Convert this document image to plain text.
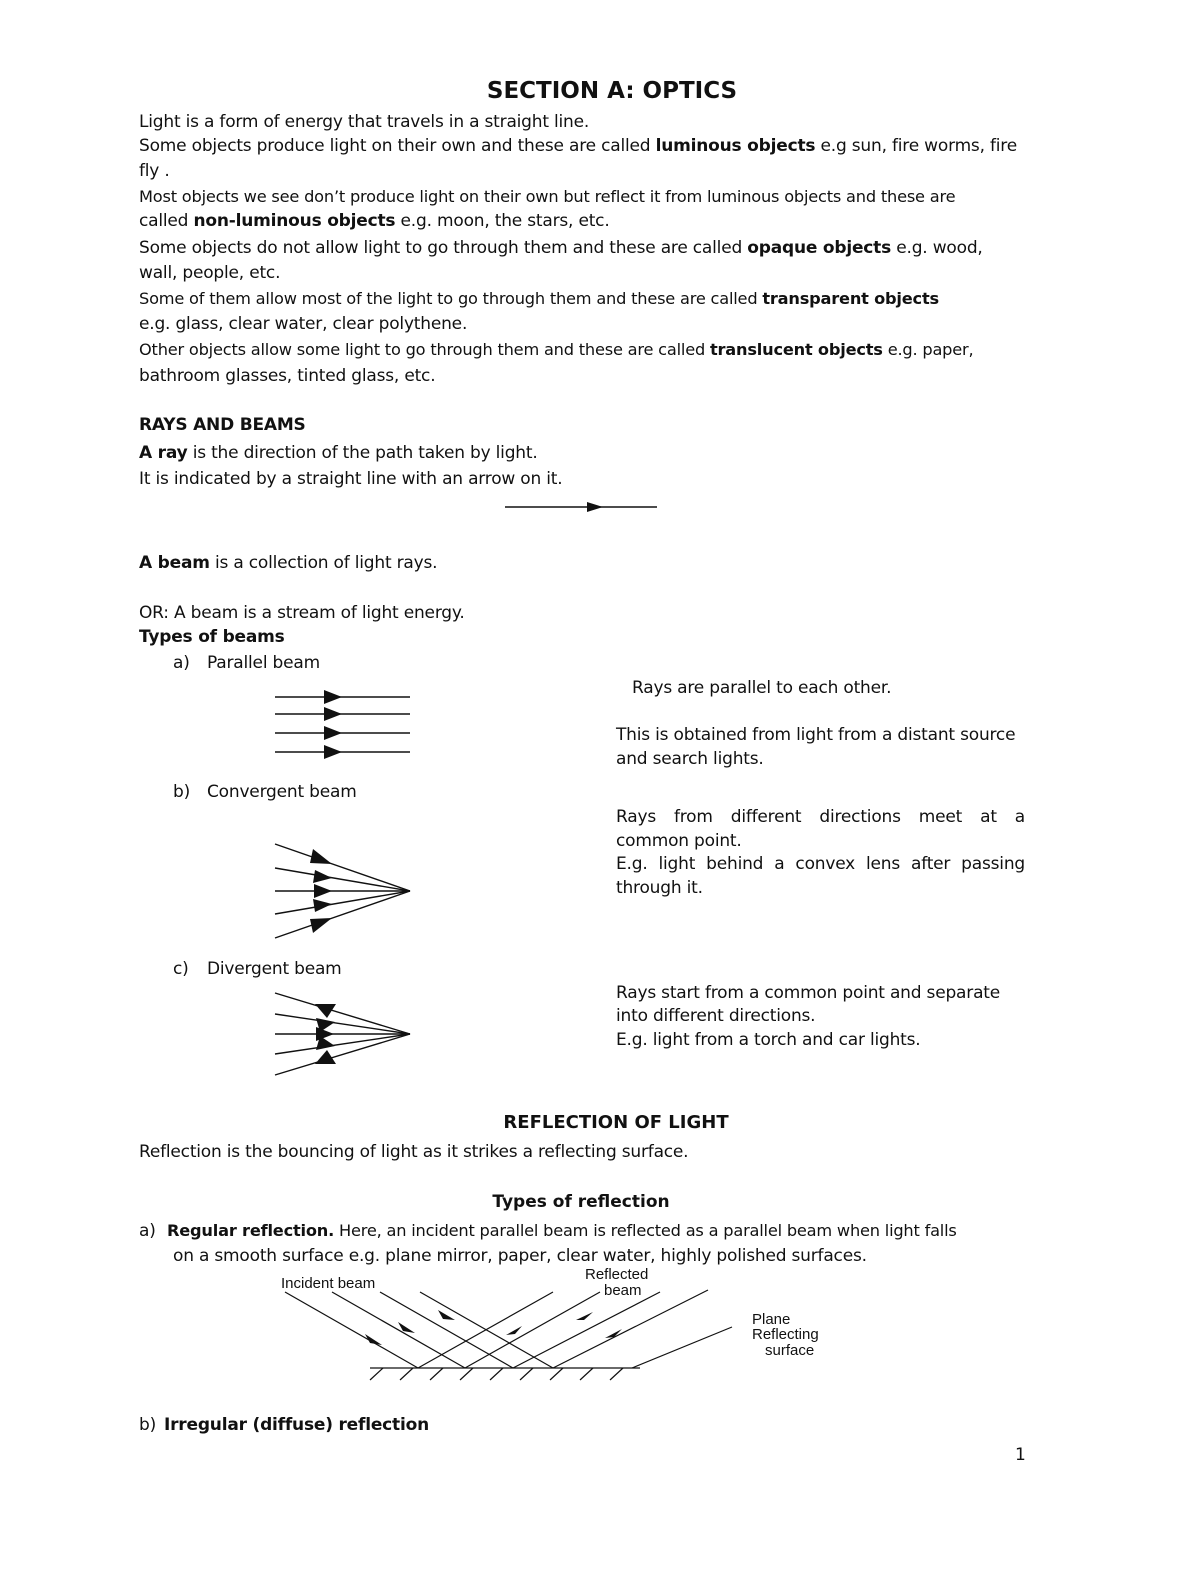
SECTION A: OPTICS
Light is a form of energy that travels in a straight line.
Some objects produce light on their own and these are called luminous objects e.g sun, fire worms, fire
fly .
Most objects we see don’t produce light on their own but reflect it from luminous objects and these are
called non-luminous objects e.g. moon, the stars, etc.
Some objects do not allow light to go through them and these are called opaque objects e.g. wood,
wall, people, etc.
Some of them allow most of the light to go through them and these are called transparent objects
e.g. glass, clear water, clear polythene.
Other objects allow some light to go through them and these are called translucent objects e.g. paper,
bathroom glasses, tinted glass, etc.
RAYS AND BEAMS
A ray is the direction of the path taken by light.
It is indicated by a straight line with an arrow on it.
A beam is a collection of light rays.
OR: A beam is a stream of light energy.
Types of beams
a) Parallel beam
Rays are parallel to each other.
This is obtained from light from a distant source
and search lights.
b) Convergent beam
Rays from different directions meet at a
common point.
E.g. light behind a convex lens after passing
through it.
c) Divergent beam
Rays start from a common point and separate
into different directions.
E.g. light from a torch and car lights.
REFLECTION OF LIGHT
Reflection is the bouncing of light as it strikes a reflecting surface.
Types of reflection
a) Regular reflection. Here, an incident parallel beam is reflected as a parallel beam when light falls
on a smooth surface e.g. plane mirror, paper, clear water, highly polished surfaces.
Incident beam
Reflected
beam
Plane
Reflecting
surface
b) Irregular (diffuse) reflection
1
